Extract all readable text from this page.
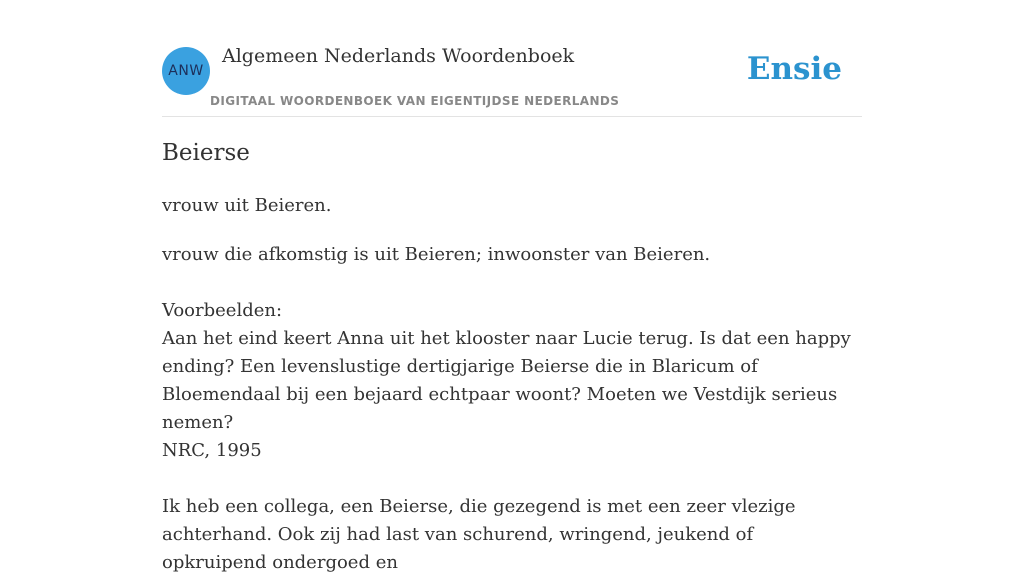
ANW
Algemeen Nederlands Woordenboek
DIGITAAL WOORDENBOEK VAN EIGENTIJDSE NEDERLANDS
Ensie
Beierse

vrouw uit Beieren.

vrouw die afkomstig is uit Beieren; inwoonster van Beieren.

Voorbeelden:

Aan het eind keert Anna uit het klooster naar Lucie terug. Is dat een happy ending? Een levenslustige dertigjarige Beierse die in Blaricum of Bloemendaal bij een bejaard echtpaar woont? Moeten we Vestdijk serieus nemen?

NRC, 1995

Ik heb een collega, een Beierse, die gezegend is met een zeer vlezige achterhand. Ook zij had last van schurend, wringend, jeukend of opkruipend ondergoed en
